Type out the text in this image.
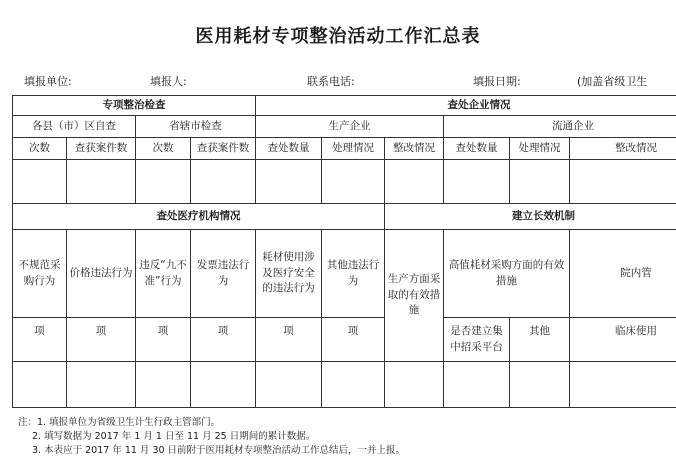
医用耗材专项整治活动工作汇总表
填报单位:	填报人:	联系电话:	填报日期:	(加盖省级卫生
专项整治检查				查处企业情况					
各县（市）区自查		省辖市检查		生产企业			流通企业		
次数	查获案件数	次数	查获案件数	查处数量	处理情况	整改情况	查处数量	处理情况	整改情况

查处医疗机构情况						建立长效机制			
不规范采购行为	价格违法行为	违反“九不准”行为	发票违法行为	耗材使用涉及医疗安全的违法行为	其他违法行为	生产方面采取的有效措施	高值耗材采购方面的有效措施		院内管
项	项	项	项	项	项		是否建立集中招采平台	其他	临床使用

注：1. 填报单位为省级卫生计生行政主管部门。
2. 填写数据为 2017 年 1 月 1 日至 11 月 25 日期间的累计数据。
3. 本表应于 2017 年 11 月 30 日前附于医用耗材专项整治活动工作总结后，一并上报。
